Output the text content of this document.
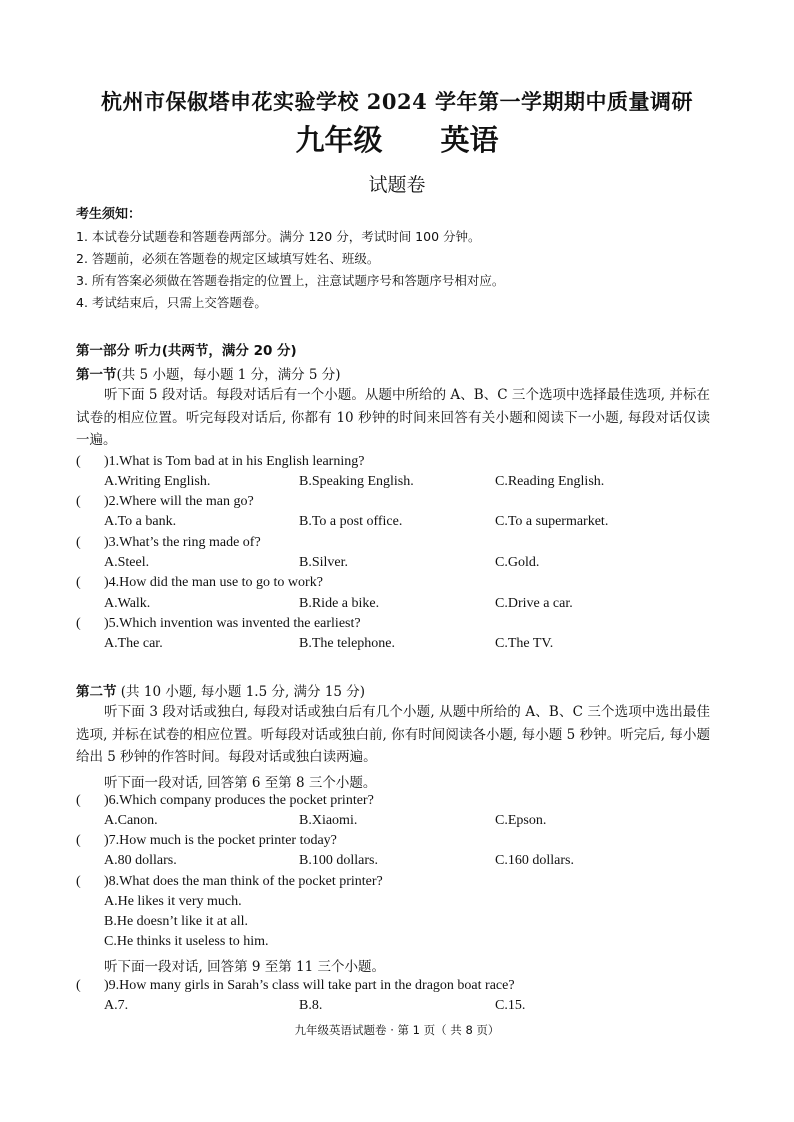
杭州市保俶塔申花实验学校 2024 学年第一学期期中质量调研
九年级 英语
试题卷
考生须知：
1. 本试卷分试题卷和答题卷两部分。满分 120 分，考试时间 100 分钟。
2. 答题前，必须在答题卷的规定区域填写姓名、班级。
3. 所有答案必须做在答题卷指定的位置上，注意试题序号和答题序号相对应。
4. 考试结束后，只需上交答题卷。
第一部分 听力(共两节，满分 20 分)
第一节(共 5 小题，每小题 1 分，满分 5 分)
听下面 5 段对话。每段对话后有一个小题。从题中所给的 A、B、C 三个选项中选择最佳选项, 并标在试卷的相应位置。听完每段对话后, 你都有 10 秒钟的时间来回答有关小题和阅读下一小题, 每段对话仅读一遍。
( )1.What is Tom bad at in his English learning?
A.Writing English.	B.Speaking English.	C.Reading English.
( )2.Where will the man go?
A.To a bank.	B.To a post office.	C.To a supermarket.
( )3.What’s the ring made of?
A.Steel.	B.Silver.	C.Gold.
( )4.How did the man use to go to work?
A.Walk.	B.Ride a bike.	C.Drive a car.
( )5.Which invention was invented the earliest?
A.The car.	B.The telephone.	C.The TV.
第二节 (共 10 小题, 每小题 1.5 分, 满分 15 分)
听下面 3 段对话或独白, 每段对话或独白后有几个小题, 从题中所给的 A、B、C 三个选项中选出最佳选项, 并标在试卷的相应位置。听每段对话或独白前, 你有时间阅读各小题, 每小题 5 秒钟。听完后, 每小题给出 5 秒钟的作答时间。每段对话或独白读两遍。
听下面一段对话, 回答第 6 至第 8 三个小题。
( )6.Which company produces the pocket printer?
A.Canon.	B.Xiaomi.	C.Epson.
( )7.How much is the pocket printer today?
A.80 dollars.	B.100 dollars.	C.160 dollars.
( )8.What does the man think of the pocket printer?
A.He likes it very much.
B.He doesn’t like it at all.
C.He thinks it useless to him.
听下面一段对话, 回答第 9 至第 11 三个小题。
( )9.How many girls in Sarah’s class will take part in the dragon boat race?
A.7.	B.8.	C.15.
九年级英语试题卷 · 第 1 页（ 共 8 页）
